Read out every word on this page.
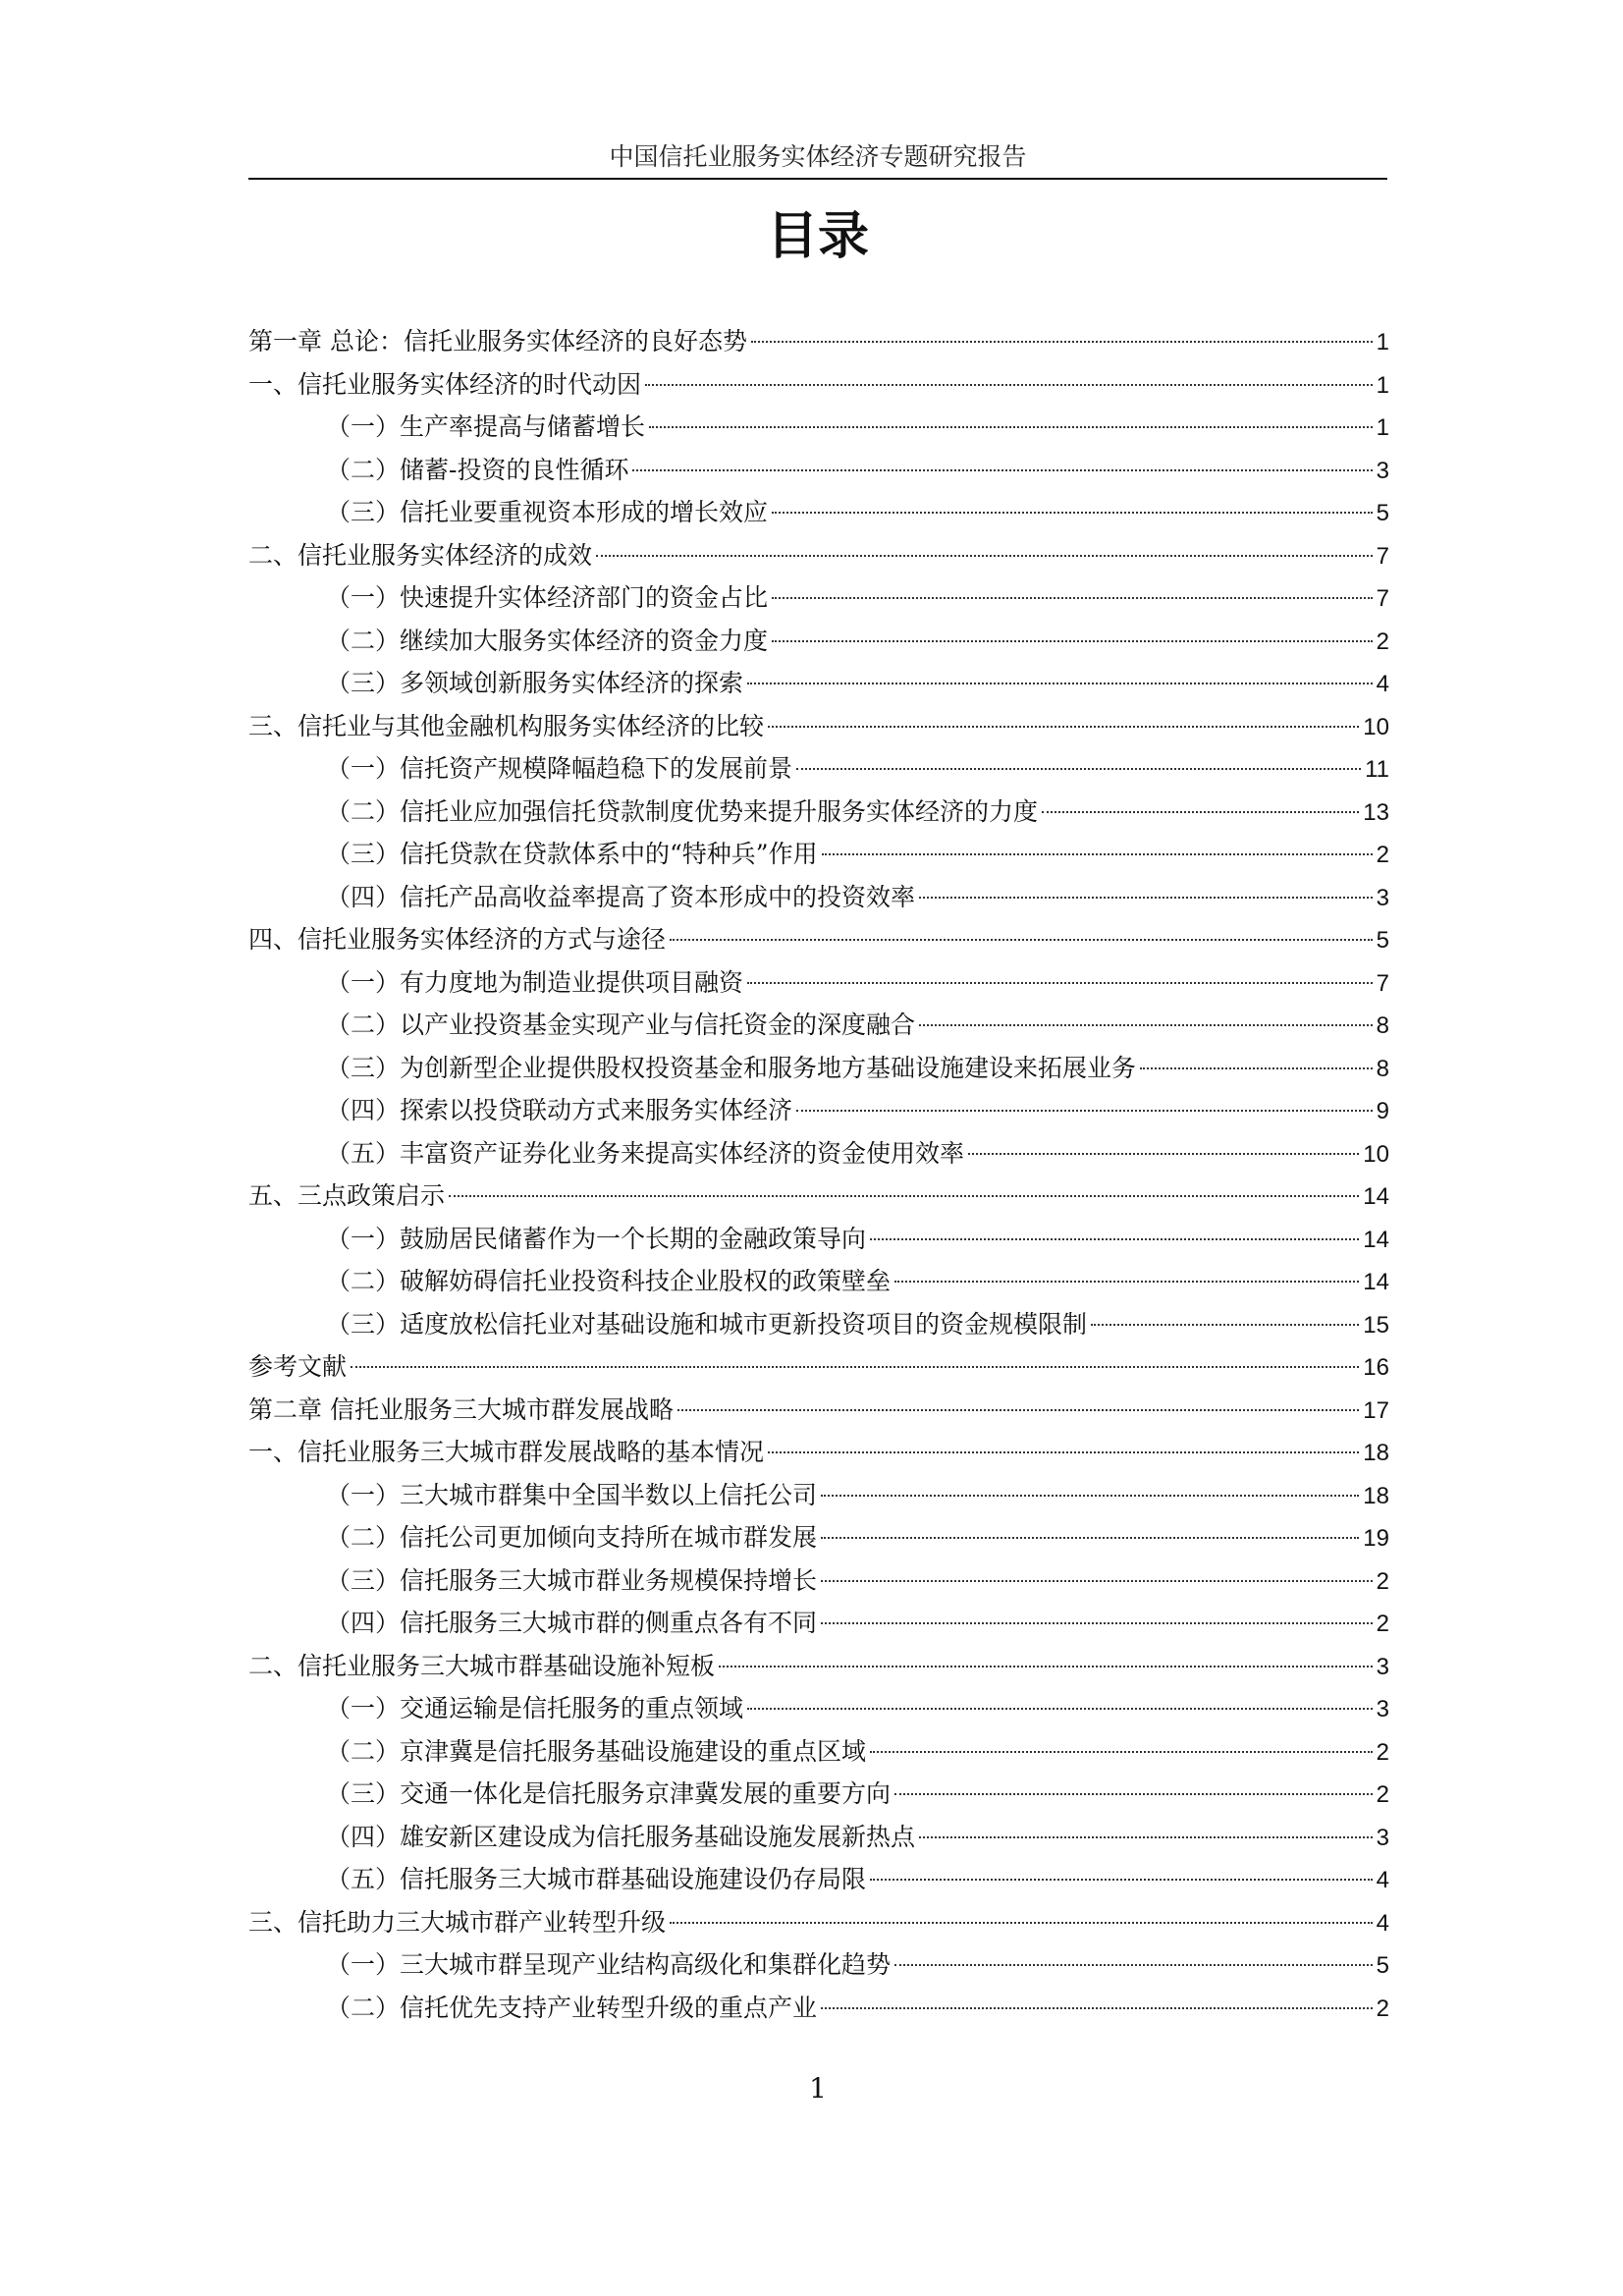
中国信托业服务实体经济专题研究报告
目录
第一章 总论：信托业服务实体经济的良好态势	1
一、信托业服务实体经济的时代动因	1
（一）生产率提高与储蓄增长	1
（二）储蓄-投资的良性循环	3
（三）信托业要重视资本形成的增长效应	5
二、信托业服务实体经济的成效	7
（一）快速提升实体经济部门的资金占比	7
（二）继续加大服务实体经济的资金力度	2
（三）多领域创新服务实体经济的探索	4
三、信托业与其他金融机构服务实体经济的比较	10
（一）信托资产规模降幅趋稳下的发展前景	11
（二）信托业应加强信托贷款制度优势来提升服务实体经济的力度	13
（三）信托贷款在贷款体系中的“特种兵”作用	2
（四）信托产品高收益率提高了资本形成中的投资效率	3
四、信托业服务实体经济的方式与途径	5
（一）有力度地为制造业提供项目融资	7
（二）以产业投资基金实现产业与信托资金的深度融合	8
（三）为创新型企业提供股权投资基金和服务地方基础设施建设来拓展业务	8
（四）探索以投贷联动方式来服务实体经济	9
（五）丰富资产证券化业务来提高实体经济的资金使用效率	10
五、三点政策启示	14
（一）鼓励居民储蓄作为一个长期的金融政策导向	14
（二）破解妨碍信托业投资科技企业股权的政策壁垒	14
（三）适度放松信托业对基础设施和城市更新投资项目的资金规模限制	15
参考文献	16
第二章 信托业服务三大城市群发展战略	17
一、信托业服务三大城市群发展战略的基本情况	18
（一）三大城市群集中全国半数以上信托公司	18
（二）信托公司更加倾向支持所在城市群发展	19
（三）信托服务三大城市群业务规模保持增长	2
（四）信托服务三大城市群的侧重点各有不同	2
二、信托业服务三大城市群基础设施补短板	3
（一）交通运输是信托服务的重点领域	3
（二）京津冀是信托服务基础设施建设的重点区域	2
（三）交通一体化是信托服务京津冀发展的重要方向	2
（四）雄安新区建设成为信托服务基础设施发展新热点	3
（五）信托服务三大城市群基础设施建设仍存局限	4
三、信托助力三大城市群产业转型升级	4
（一）三大城市群呈现产业结构高级化和集群化趋势	5
（二）信托优先支持产业转型升级的重点产业	2
1
